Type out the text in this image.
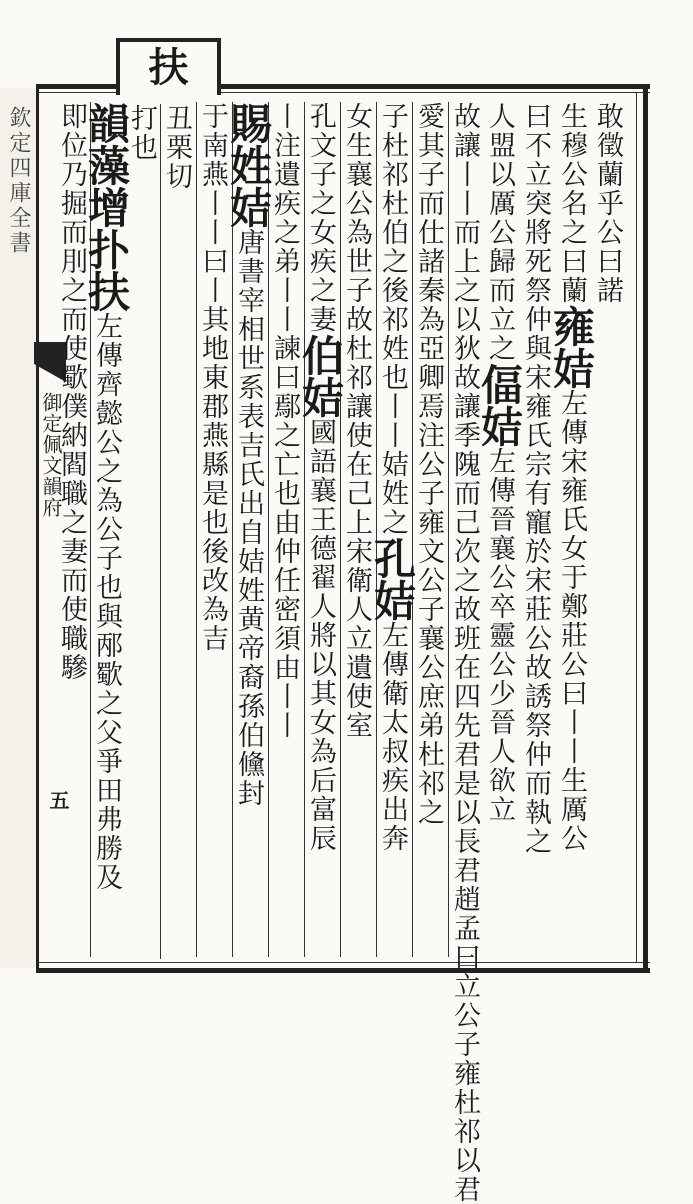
扶
欽定四庫全書
御定佩文韻府
五
敢徵蘭乎公曰諾
生穆公名之曰蘭雍姞左傳宋雍氏女于鄭莊公曰丨丨生厲公
曰不立突將死祭仲與宋雍氏宗有寵於宋莊公故誘祭仲而執之
人盟以厲公歸而立之偪姞左傳晉襄公卒靈公少晉人欲立
故讓丨丨而上之以狄故讓季隗而己次之故班在四先君是以長君趙孟曰立公子雍杜祁以君
愛其子而仕諸秦為亞卿焉注公子雍文公子襄公庶弟杜祁之
子杜祁杜伯之後祁姓也丨丨姞姓之孔姞左傳衛太叔疾出奔
女生襄公為世子故杜祁讓使在己上宋衛人立遺使室
孔文子之女疾之妻伯姞國語襄王德翟人將以其女為后富辰
丨注遺疾之弟丨丨諫曰鄢之亡也由仲任密須由丨丨
賜姓姞唐書宰相世系表吉氏出自姞姓黄帝裔孫伯儵封
于南燕丨丨曰丨其地東郡燕縣是也後改為吉
丑栗切
打也
韻藻增扑扶左傳齊懿公之為公子也與邴歜之父爭田弗勝及
即位乃掘而刖之而使歜僕納閻職之妻而使職驂
